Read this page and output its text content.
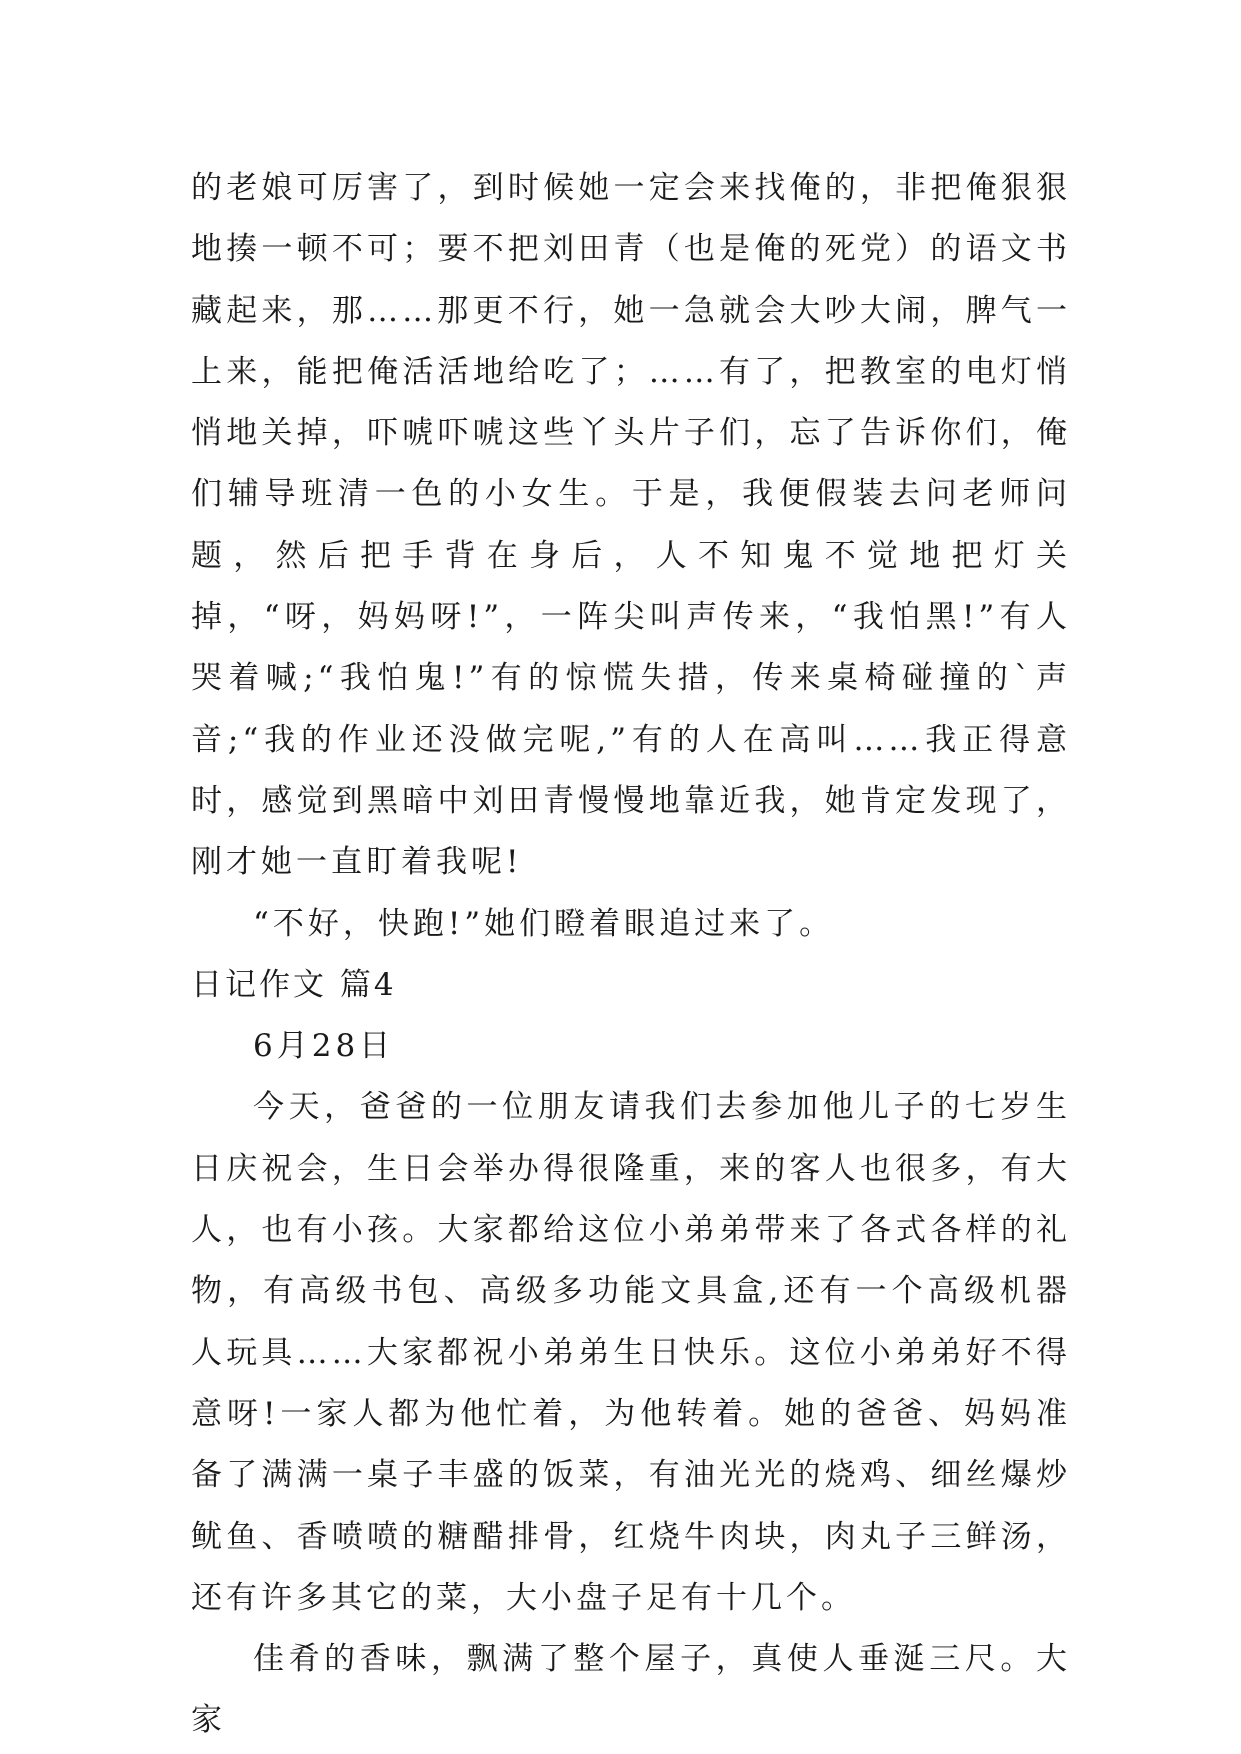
的老娘可厉害了，到时候她一定会来找俺的，非把俺狠狠地揍一顿不可；要不把刘田青（也是俺的死党）的语文书藏起来，那……那更不行，她一急就会大吵大闹，脾气一上来，能把俺活活地给吃了；……有了，把教室的电灯悄悄地关掉，吓唬吓唬这些丫头片子们，忘了告诉你们，俺们辅导班清一色的小女生。于是，我便假装去问老师问题，然后把手背在身后，人不知鬼不觉地把灯关掉，“呀，妈妈呀!”，一阵尖叫声传来，“我怕黑!”有人哭着喊;“我怕鬼!”有的惊慌失措，传来桌椅碰撞的`声音;“我的作业还没做完呢,”有的人在高叫……我正得意时，感觉到黑暗中刘田青慢慢地靠近我，她肯定发现了，刚才她一直盯着我呢!

“不好，快跑!”她们瞪着眼追过来了。

日记作文 篇4

6月28日

今天，爸爸的一位朋友请我们去参加他儿子的七岁生日庆祝会，生日会举办得很隆重，来的客人也很多，有大人，也有小孩。大家都给这位小弟弟带来了各式各样的礼物，有高级书包、高级多功能文具盒,还有一个高级机器人玩具……大家都祝小弟弟生日快乐。这位小弟弟好不得意呀!一家人都为他忙着，为他转着。她的爸爸、妈妈准备了满满一桌子丰盛的饭菜，有油光光的烧鸡、细丝爆炒鱿鱼、香喷喷的糖醋排骨，红烧牛肉块，肉丸子三鲜汤，还有许多其它的菜，大小盘子足有十几个。

佳肴的香味，飘满了整个屋子，真使人垂涎三尺。大家
